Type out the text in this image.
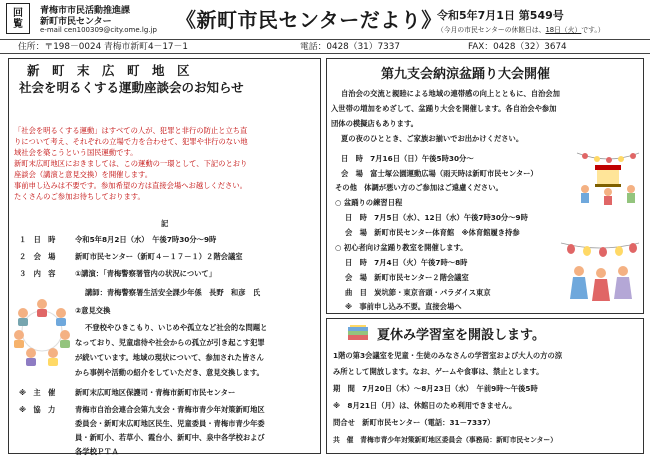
回
覧
青梅市市民活動推進課
新町市民センター
e-mail cen100309@city.ome.lg.jp 《新町市民センターだより》
令和5年7月1日 第549号
（今月の市民センターの休館日は、18日（火）です。）
住所：〒198－0024 青梅市新町4－17－1	電話：0428（31）7337	FAX：0428（32）3674
新　町　末　広　町　地　区
社会を明るくする運動座談会のお知らせ
「社会を明るくする運動」はすべての人が、犯罪と非行の防止と立ち直
りについて考え、それぞれの立場で力を合わせて、犯罪や非行のない地
域社会を築こうという国民運動です。
新町末広町地区におきましては、この運動の一環として、下記のとおり
座談会（講演と意見交換）を開催します。
事前申し込みは不要です。参加希望の方は直接会場へお越しください。
たくさんのご参加お待ちしております。
記
１　日　時	令和5年8月2日（水）　午後7時30分～9時
２　会　場	新町市民センター（新町４－１７－１）２階会議室
３　内　容	①講演：「青梅警察署管内の状況について」
講師：青梅警察署生活安全課少年係　長野　和彦　氏
②意見交換
不登校やひきこもり、いじめや孤立など社会的な問題と
なっており、児童虐待や社会からの孤立が引き起こす犯罪
が続いています。地域の現状について、参加された皆さん
から事例や活動の紹介をしていただき、意見交換します。
※　主　催	新町末広町地区保護司・青梅市新町市民センター
※　協　力	青梅市自治会連合会第九支会・青梅市青少年対策新町地区
委員会・新町末広町地区民生、児童委員・青梅市青少年委
員・新町小、若草小、霞台小、新町中、泉中各学校および
各学校ＰＴＡ
第九支会納涼盆踊り大会開催
自治会の交流と親睦による地域の連帯感の向上とともに、自治会加
入世帯の増加をめざして、盆踊り大会を開催します。各自治会や参加
団体の模擬店もあります。
夏の夜のひととき、ご家族お揃いでお出かけください。
日　時　7月16日（日）午後5時30分～
会　場　富士塚公園運動広場（雨天時は新町市民センター）
その他　体調が悪い方のご参加はご遠慮ください。
○ 盆踊りの練習日程
日　時　7月5日（水）、12日（水）午後7時30分～9時
会　場　新町市民センター体育館　※体育館履き持参
○ 初心者向け盆踊り教室を開催します。
日　時　7月4日（火）午後7時～8時
会　場　新町市民センター２階会議室
曲　目　炭坑節・東京音頭・パラダイス東京
※　事前申し込み不要。直接会場へ
夏休み学習室を開設します。
1階の第3会議室を児童・生徒のみなさんの学習室および大人の方の涼
み所として開放します。なお、ゲームや食事は、禁止とします。
期　間　7月20日（木）～8月23日（水）　午前9時～午後5時
※　8月21日（月）は、休館日のため利用できません。
問合せ　新町市民センター（電話：31－7337）
共　催　青梅市青少年対策新町地区委員会（事務局：新町市民センター）
